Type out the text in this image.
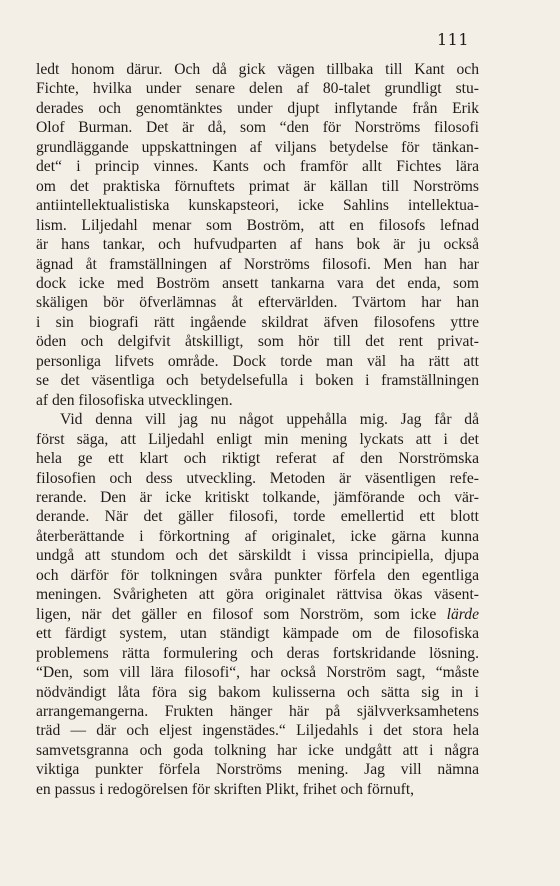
111
ledt honom därur. Och då gick vägen tillbaka till Kant och
Fichte, hvilka under senare delen af 80-talet grundligt stu-
derades och genomtänktes under djupt inflytande från Erik
Olof Burman. Det är då, som “den för Norströms filosofi
grundläggande uppskattningen af viljans betydelse för tänkan-
det“ i princip vinnes. Kants och framför allt Fichtes lära
om det praktiska förnuftets primat är källan till Norströms
antiintellektualistiska kunskapsteori, icke Sahlins intellektua-
lism. Liljedahl menar som Boström, att en filosofs lefnad
är hans tankar, och hufvudparten af hans bok är ju också
ägnad åt framställningen af Norströms filosofi. Men han har
dock icke med Boström ansett tankarna vara det enda, som
skäligen bör öfverlämnas åt eftervärlden. Tvärtom har han
i sin biografi rätt ingående skildrat äfven filosofens yttre
öden och delgifvit åtskilligt, som hör till det rent privat-
personliga lifvets område. Dock torde man väl ha rätt att
se det väsentliga och betydelsefulla i boken i framställningen
af den filosofiska utvecklingen.
Vid denna vill jag nu något uppehålla mig. Jag får då
först säga, att Liljedahl enligt min mening lyckats att i det
hela ge ett klart och riktigt referat af den Norströmska
filosofien och dess utveckling. Metoden är väsentligen refe-
rerande. Den är icke kritiskt tolkande, jämförande och vär-
derande. När det gäller filosofi, torde emellertid ett blott
återberättande i förkortning af originalet, icke gärna kunna
undgå att stundom och det särskildt i vissa principiella, djupa
och därför för tolkningen svåra punkter förfela den egentliga
meningen. Svårigheten att göra originalet rättvisa ökas väsent-
ligen, när det gäller en filosof som Norström, som icke lärde
ett färdigt system, utan ständigt kämpade om de filosofiska
problemens rätta formulering och deras fortskridande lösning.
“Den, som vill lära filosofi“, har också Norström sagt, “måste
nödvändigt låta föra sig bakom kulisserna och sätta sig in i
arrangemangerna. Frukten hänger här på självverksamhetens
träd — där och eljest ingenstädes.“ Liljedahls i det stora hela
samvetsgranna och goda tolkning har icke undgått att i några
viktiga punkter förfela Norströms mening. Jag vill nämna
en passus i redogörelsen för skriften Plikt, frihet och förnuft,
